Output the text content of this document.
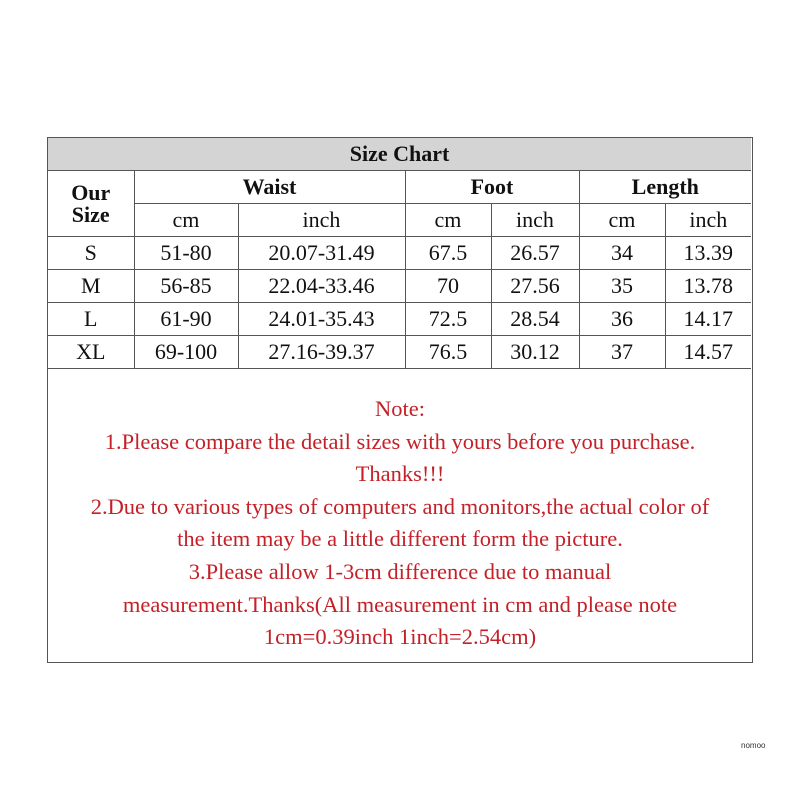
Size Chart						
Our
Size	Waist		Foot		Length	
	cm	inch	cm	inch	cm	inch
S	51-80	20.07-31.49	67.5	26.57	34	13.39
M	56-85	22.04-33.46	70	27.56	35	13.78
L	61-90	24.01-35.43	72.5	28.54	36	14.17
XL	69-100	27.16-39.37	76.5	30.12	37	14.57
Note:
1.Please compare the detail sizes with yours before you purchase.
Thanks!!!
2.Due to various types of computers and monitors,the actual color of
the item may be a little different form the picture.
3.Please allow 1-3cm difference due to manual
measurement.Thanks(All measurement in cm and please note
1cm=0.39inch 1inch=2.54cm)
nomoo
